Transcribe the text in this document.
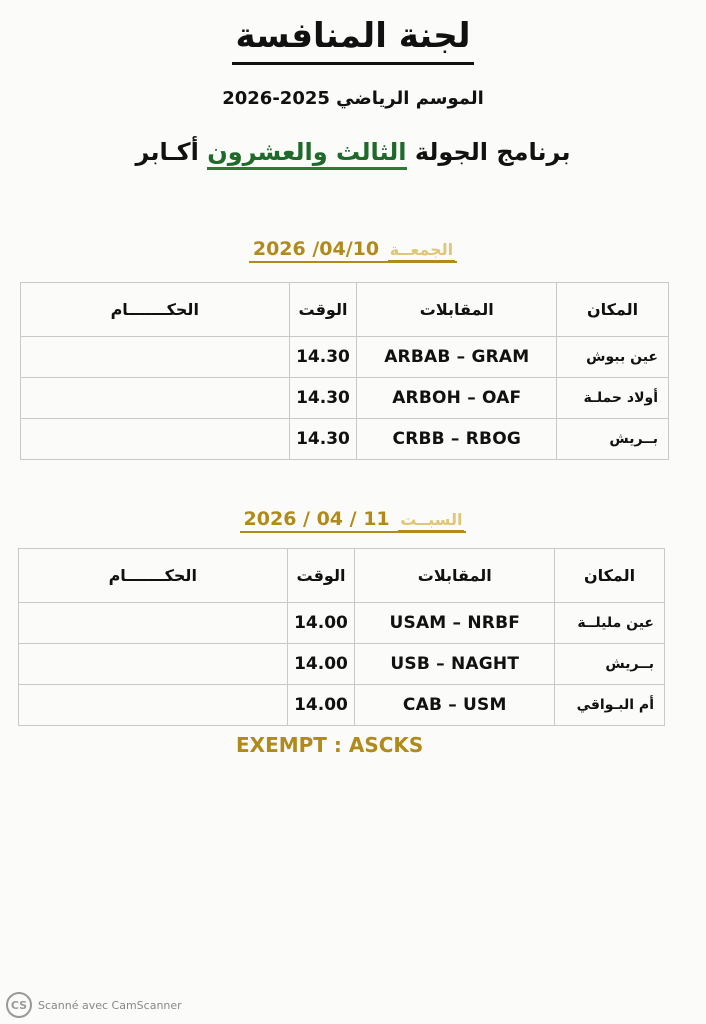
لجنة المنافسة
الموسم الرياضي 2025-2026
برنامج الجولة الثالث والعشرون أكـابر
2026 /04/10 الجمعــة
الحكـــــــام	الوقت	المقابلات	المكان
	14.30	ARBAB – GRAM	عين ببوش
	14.30	ARBOH – OAF	أولاد حملـة
	14.30	CRBB – RBOG	بــريش
2026 / 04 / 11 السبــت
الحكـــــــام	الوقت	المقابلات	المكان
	14.00	USAM – NRBF	عين مليلــة
	14.00	USB – NAGHT	بــريش
	14.00	CAB – USM	أم البـواقي
EXEMPT : ASCKS
CS Scanné avec CamScanner
